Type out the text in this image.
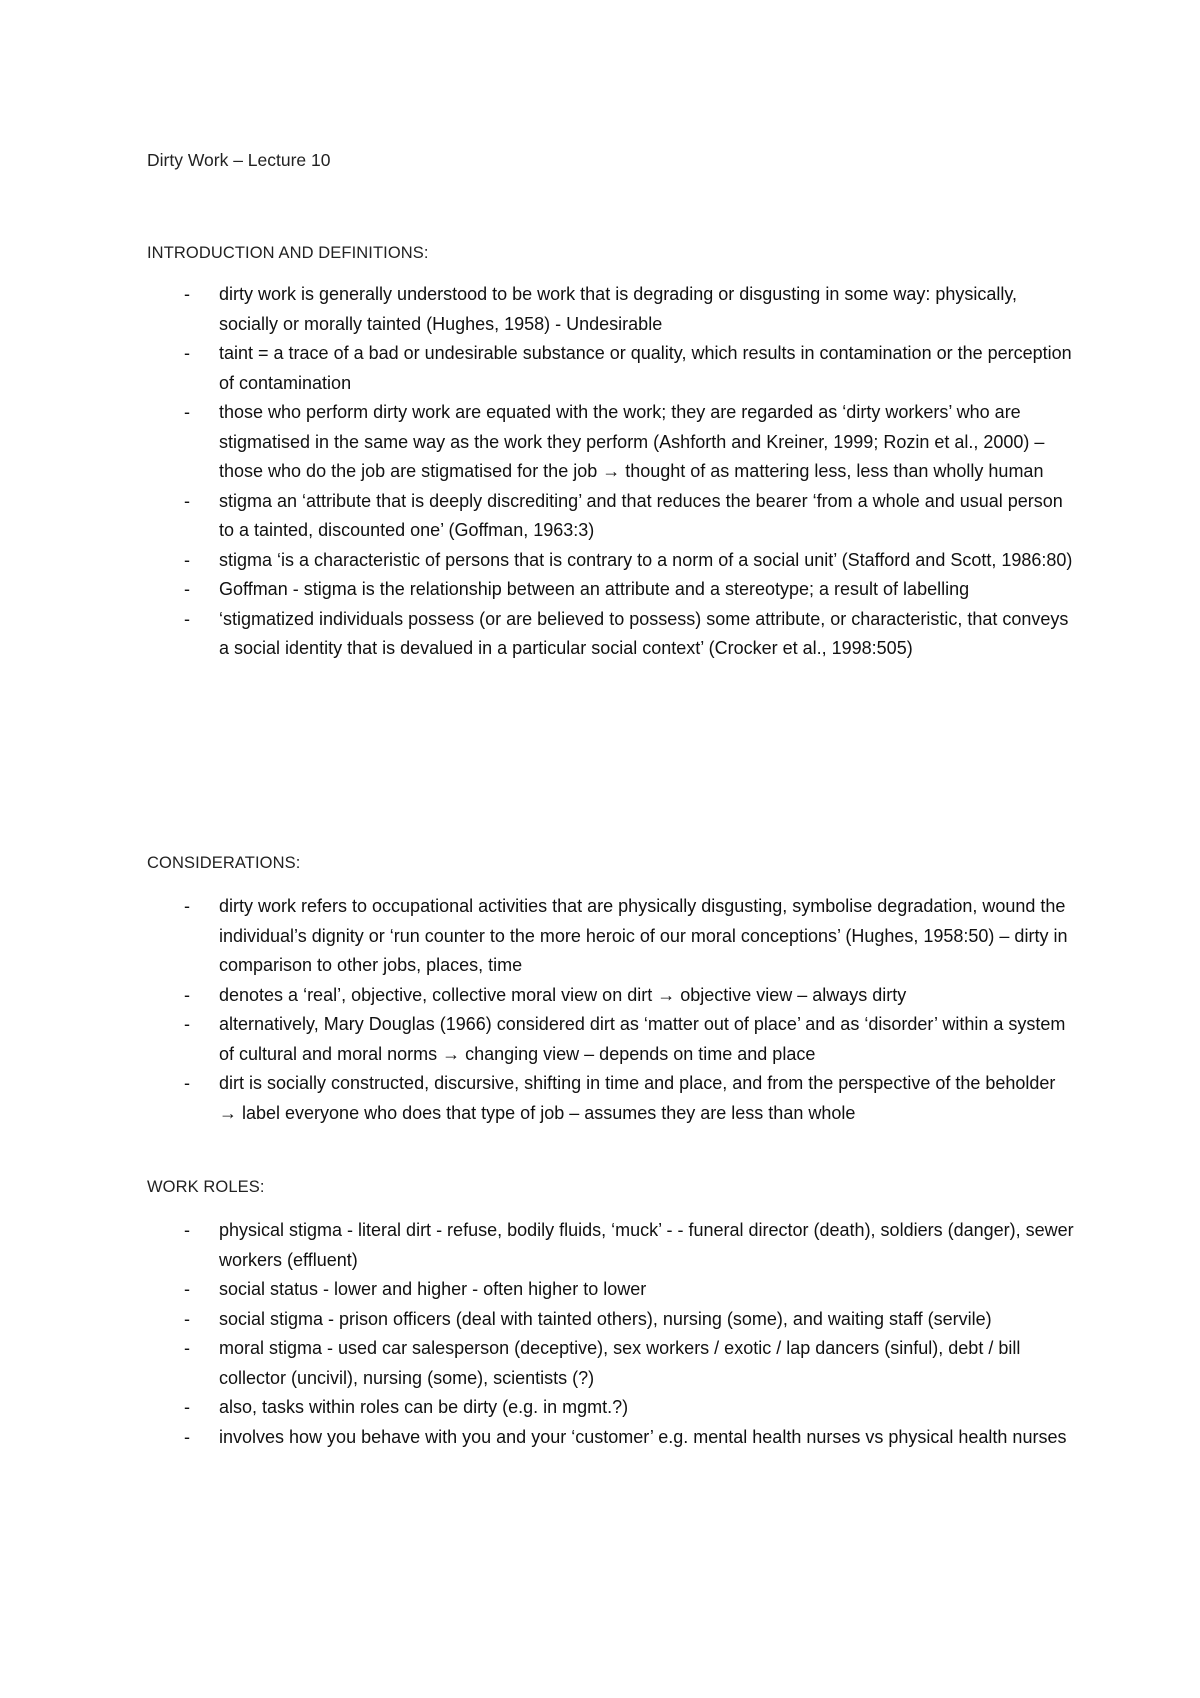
Dirty Work – Lecture 10

INTRODUCTION AND DEFINITIONS:

- dirty work is generally understood to be work that is degrading or disgusting in some way: physically, socially or morally tainted (Hughes, 1958) - Undesirable
- taint = a trace of a bad or undesirable substance or quality, which results in contamination or the perception of contamination
- those who perform dirty work are equated with the work; they are regarded as ‘dirty workers’ who are stigmatised in the same way as the work they perform (Ashforth and Kreiner, 1999; Rozin et al., 2000) – those who do the job are stigmatised for the job → thought of as mattering less, less than wholly human
- stigma an ‘attribute that is deeply discrediting’ and that reduces the bearer ‘from a whole and usual person to a tainted, discounted one’ (Goffman, 1963:3)
- stigma ‘is a characteristic of persons that is contrary to a norm of a social unit’ (Stafford and Scott, 1986:80)
- Goffman - stigma is the relationship between an attribute and a stereotype; a result of labelling
- ‘stigmatized individuals possess (or are believed to possess) some attribute, or characteristic, that conveys a social identity that is devalued in a particular social context’ (Crocker et al., 1998:505)

CONSIDERATIONS:

- dirty work refers to occupational activities that are physically disgusting, symbolise degradation, wound the individual’s dignity or ‘run counter to the more heroic of our moral conceptions’ (Hughes, 1958:50) – dirty in comparison to other jobs, places, time
- denotes a ‘real’, objective, collective moral view on dirt → objective view – always dirty
- alternatively, Mary Douglas (1966) considered dirt as ‘matter out of place’ and as ‘disorder’ within a system of cultural and moral norms → changing view – depends on time and place
- dirt is socially constructed, discursive, shifting in time and place, and from the perspective of the beholder → label everyone who does that type of job – assumes they are less than whole

WORK ROLES:

- physical stigma - literal dirt - refuse, bodily fluids, ‘muck’ - - funeral director (death), soldiers (danger), sewer workers (effluent)
- social status - lower and higher - often higher to lower
- social stigma - prison officers (deal with tainted others), nursing (some), and waiting staff (servile)
- moral stigma - used car salesperson (deceptive), sex workers / exotic / lap dancers (sinful), debt / bill collector (uncivil), nursing (some), scientists (?)
- also, tasks within roles can be dirty (e.g. in mgmt.?)
- involves how you behave with you and your ‘customer’ e.g. mental health nurses vs physical health nurses
